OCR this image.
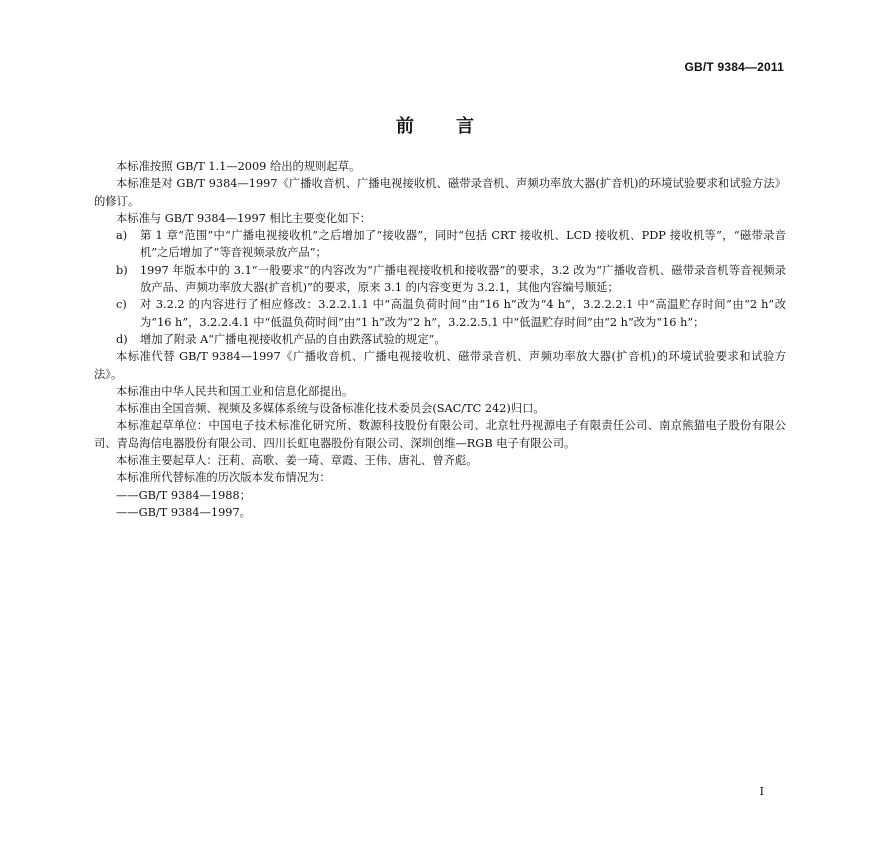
GB/T 9384—2011
前言

本标准按照 GB/T 1.1—2009 给出的规则起草。

本标准是对 GB/T 9384—1997《广播收音机、广播电视接收机、磁带录音机、声频功率放大器(扩音机)的环境试验要求和试验方法》的修订。

本标准与 GB/T 9384—1997 相比主要变化如下：

a)	第 1 章“范围”中“广播电视接收机”之后增加了“接收器”，同时“包括 CRT 接收机、LCD 接收机、PDP 接收机等”，“磁带录音机”之后增加了“等音视频录放产品”；
b)	1997 年版本中的 3.1“一般要求”的内容改为“广播电视接收机和接收器”的要求，3.2 改为“广播收音机、磁带录音机等音视频录放产品、声频功率放大器(扩音机)”的要求，原来 3.1 的内容变更为 3.2.1，其他内容编号顺延；
c)	对 3.2.2 的内容进行了相应修改：3.2.2.1.1 中“高温负荷时间”由“16 h”改为“4 h”，3.2.2.2.1 中“高温贮存时间”由“2 h”改为“16 h”，3.2.2.4.1 中“低温负荷时间”由“1 h”改为“2 h”，3.2.2.5.1 中“低温贮存时间”由“2 h”改为“16 h”；
d)	增加了附录 A“广播电视接收机产品的自由跌落试验的规定”。

本标准代替 GB/T 9384—1997《广播收音机、广播电视接收机、磁带录音机、声频功率放大器(扩音机)的环境试验要求和试验方法》。

本标准由中华人民共和国工业和信息化部提出。

本标准由全国音频、视频及多媒体系统与设备标准化技术委员会(SAC/TC 242)归口。

本标准起草单位：中国电子技术标准化研究所、数源科技股份有限公司、北京牡丹视源电子有限责任公司、南京熊猫电子股份有限公司、青岛海信电器股份有限公司、四川长虹电器股份有限公司、深圳创维—RGB 电子有限公司。

本标准主要起草人：汪莉、高歌、姜一琦、章霞、王伟、唐礼、曾齐彪。

本标准所代替标准的历次版本发布情况为：

——GB/T 9384—1988；
——GB/T 9384—1997。
I
